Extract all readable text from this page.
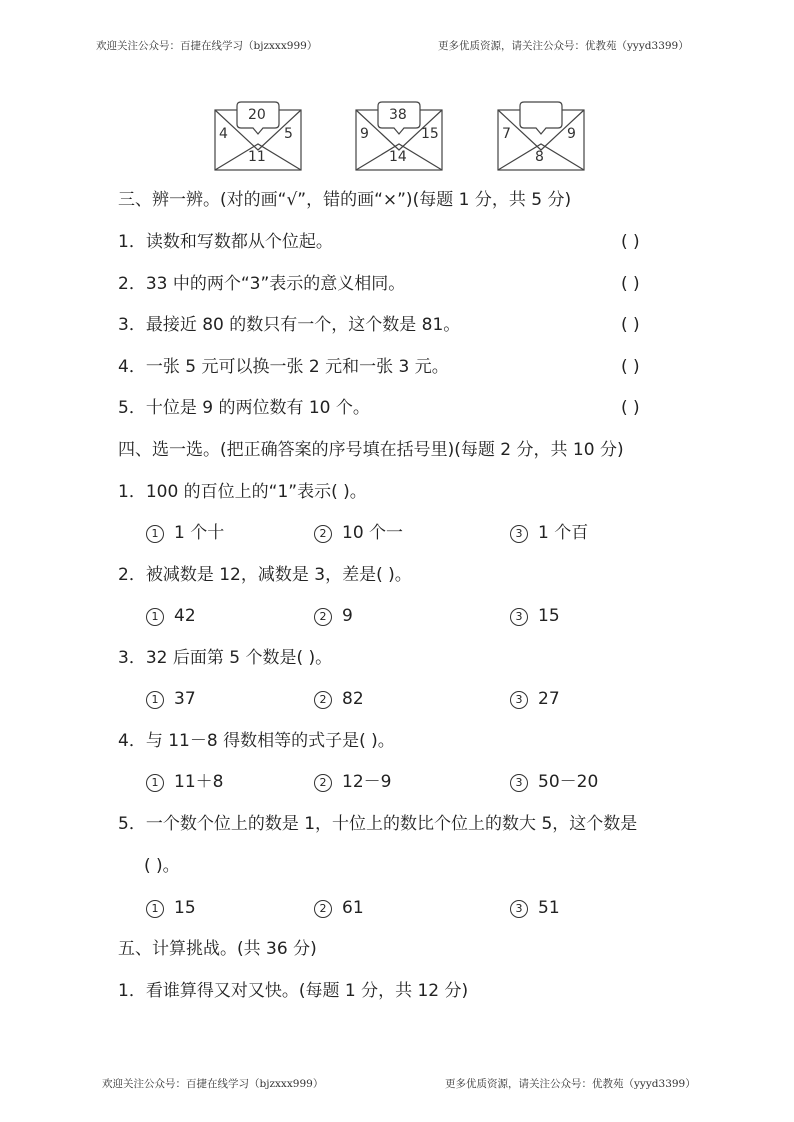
欢迎关注公众号：百捷在线学习（bjzxxx999）	更多优质资源，请关注公众号：优教苑（yyyd3399）
20
4	5
11
38
9	15
14
7	9
8
三、辨一辨。(对的画“√”，错的画“×”)(每题 1 分，共 5 分)
1．读数和写数都从个位起。	( )
2．33 中的两个“3”表示的意义相同。	( )
3．最接近 80 的数只有一个，这个数是 81。	( )
4．一张 5 元可以换一张 2 元和一张 3 元。	( )
5．十位是 9 的两位数有 10 个。	( )
四、选一选。(把正确答案的序号填在括号里)(每题 2 分，共 10 分)
1．100 的百位上的“1”表示( )。
1 1 个十	2 10 个一	3 1 个百
2．被减数是 12，减数是 3，差是( )。
1 42	2 9	3 15
3．32 后面第 5 个数是( )。
1 37	2 82	3 27
4．与 11－8 得数相等的式子是( )。
1 11＋8	2 12－9	3 50－20
5．一个数个位上的数是 1，十位上的数比个位上的数大 5，这个数是
( )。
1 15	2 61	3 51
五、计算挑战。(共 36 分)
1．看谁算得又对又快。(每题 1 分，共 12 分)
欢迎关注公众号：百捷在线学习（bjzxxx999）	更多优质资源，请关注公众号：优教苑（yyyd3399）
